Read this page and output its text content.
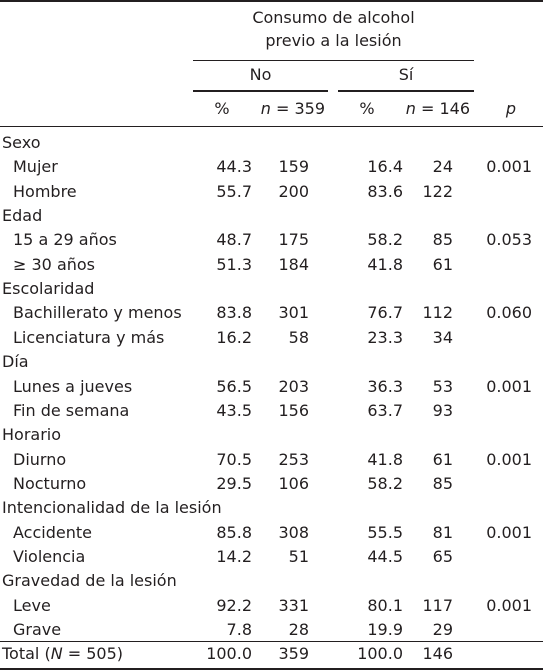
Consumo de alcohol
previo a la lesión
No	Sí
%	n = 359	%	n = 146	p
Sexo
Mujer	44.3	159	16.4	24	0.001
Hombre	55.7	200	83.6	122
Edad
15 a 29 años	48.7	175	58.2	85	0.053
≥ 30 años	51.3	184	41.8	61
Escolaridad
Bachillerato y menos	83.8	301	76.7	112	0.060
Licenciatura y más	16.2	58	23.3	34
Día
Lunes a jueves	56.5	203	36.3	53	0.001
Fin de semana	43.5	156	63.7	93
Horario
Diurno	70.5	253	41.8	61	0.001
Nocturno	29.5	106	58.2	85
Intencionalidad de la lesión
Accidente	85.8	308	55.5	81	0.001
Violencia	14.2	51	44.5	65
Gravedad de la lesión
Leve	92.2	331	80.1	117	0.001
Grave	7.8	28	19.9	29
Total (N = 505)	100.0	359	100.0	146
